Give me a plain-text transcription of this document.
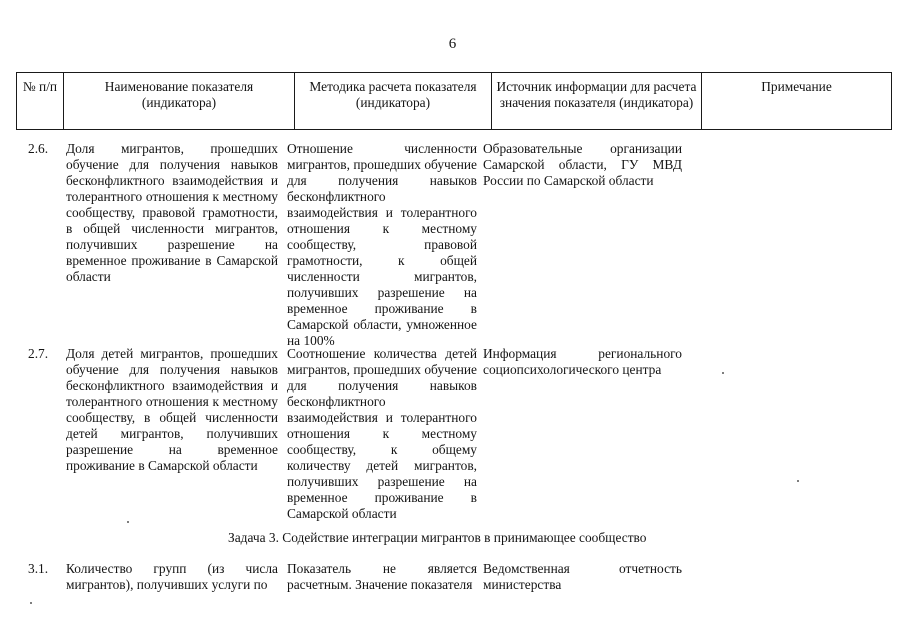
6
№ п/п	Наименование показателя (индикатора)
Методика расчета показателя (индикатора)
Источник информации для расчета значения показателя (индикатора)
Примечание
2.6. Доля мигрантов, прошедших обучение для получения навыков бесконфликтного взаимодействия и толерантного отношения к местному сообществу, правовой грамотности, в общей численности мигрантов, получивших разрешение на временное проживание в Самарской области
Отношение численности мигрантов, прошедших обучение для получения навыков бесконфликтного взаимодействия и толерантного отношения к местному сообществу, правовой грамотности, к общей численности мигрантов, получивших разрешение на временное проживание в Самарской области, умноженное на 100%
Образовательные организации Самарской области, ГУ МВД России по Самарской области
2.7. Доля детей мигрантов, прошедших обучение для получения навыков бесконфликтного взаимодействия и толерантного отношения к местному сообществу, в общей численности детей мигрантов, получивших разрешение на временное проживание в Самарской области
Соотношение количества детей мигрантов, прошедших обучение для получения навыков бесконфликтного взаимодействия и толерантного отношения к местному сообществу, к общему количеству детей мигрантов, получивших разрешение на временное проживание в Самарской области
Информация регионального социопсихологического центра
Задача 3. Содействие интеграции мигрантов в принимающее сообщество
3.1. Количество групп (из числа мигрантов), получивших услуги по
Показатель не является расчетным. Значение показателя
Ведомственная отчетность министерства
